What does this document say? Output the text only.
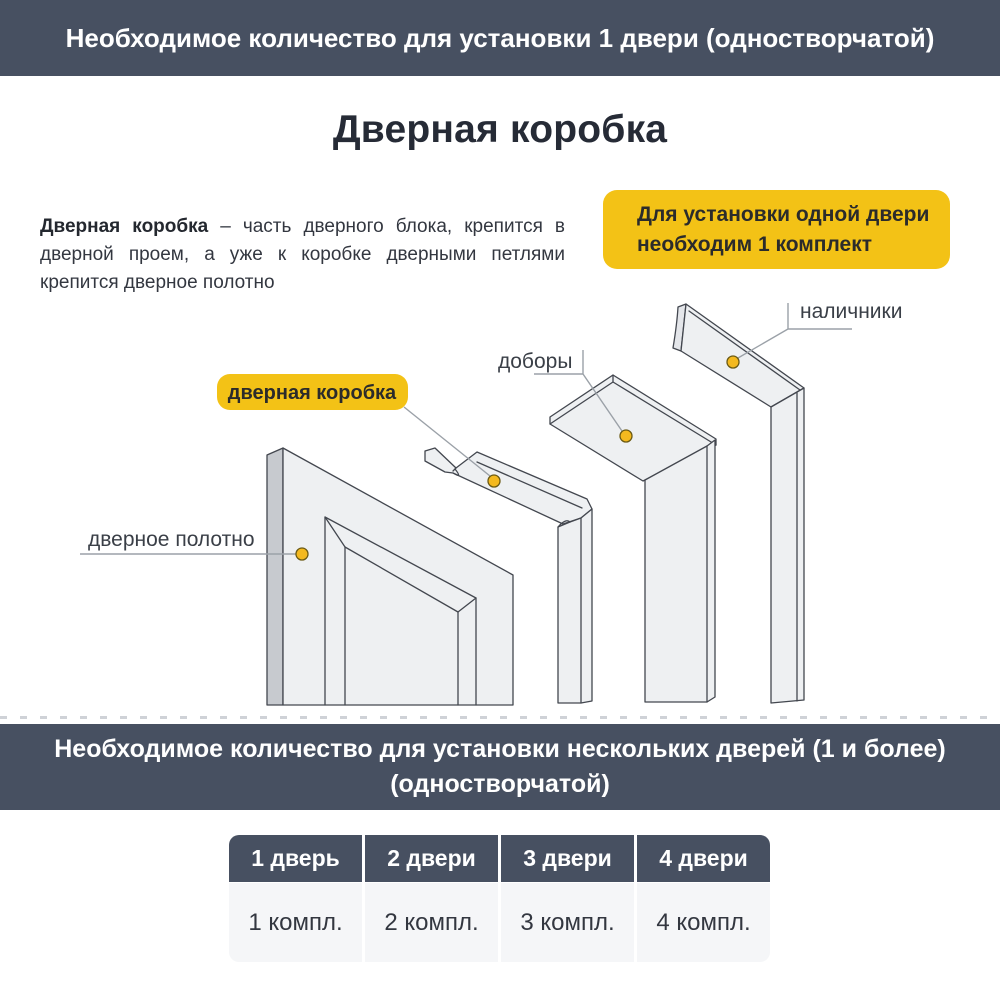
Необходимое количество для установки 1 двери (одностворчатой)
Дверная коробка

Дверная коробка – часть дверного блока, крепится в дверной проем, а уже к коробке дверными петлями крепится дверное полотно

Для установки одной двери
необходим 1 комплект
дверное полотно
доборы
наличники
дверная коробка
Необходимое количество для установки нескольких дверей (1 и более)
(одностворчатой)
1 дверь
1 компл.
2 двери
2 компл.
3 двери
3 компл.
4 двери
4 компл.
